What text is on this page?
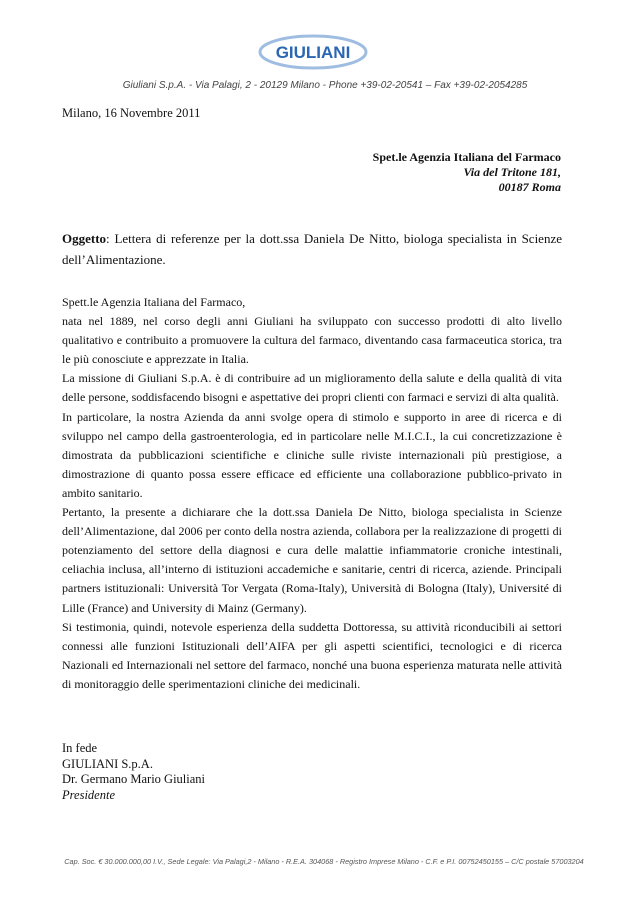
GIULIANI
Giuliani S.p.A. - Via Palagi, 2 - 20129 Milano - Phone +39-02-20541 – Fax +39-02-2054285
Milano, 16 Novembre 2011
Spet.le Agenzia Italiana del Farmaco
Via del Tritone 181,
00187 Roma
Oggetto: Lettera di referenze per la dott.ssa Daniela De Nitto, biologa specialista in Scienze dell’Alimentazione.

Spett.le Agenzia Italiana del Farmaco,

nata nel 1889, nel corso degli anni Giuliani ha sviluppato con successo prodotti di alto livello qualitativo e contribuito a promuovere la cultura del farmaco, diventando casa farmaceutica storica, tra le più conosciute e apprezzate in Italia.

La missione di Giuliani S.p.A. è di contribuire ad un miglioramento della salute e della qualità di vita delle persone, soddisfacendo bisogni e aspettative dei propri clienti con farmaci e servizi di alta qualità.

In particolare, la nostra Azienda da anni svolge opera di stimolo e supporto in aree di ricerca e di sviluppo nel campo della gastroenterologia, ed in particolare nelle M.I.C.I., la cui concretizzazione è dimostrata da pubblicazioni scientifiche e cliniche sulle riviste internazionali più prestigiose, a dimostrazione di quanto possa essere efficace ed efficiente una collaborazione pubblico-privato in ambito sanitario.

Pertanto, la presente a dichiarare che la dott.ssa Daniela De Nitto, biologa specialista in Scienze dell’Alimentazione, dal 2006 per conto della nostra azienda, collabora per la realizzazione di progetti di potenziamento del settore della diagnosi e cura delle malattie infiammatorie croniche intestinali, celiachia inclusa, all’interno di istituzioni accademiche e sanitarie, centri di ricerca, aziende. Principali partners istituzionali: Università Tor Vergata (Roma-Italy), Università di Bologna (Italy), Université di Lille (France) and University di Mainz (Germany).

Si testimonia, quindi, notevole esperienza della suddetta Dottoressa, su attività riconducibili ai settori connessi alle funzioni Istituzionali dell’AIFA per gli aspetti scientifici, tecnologici e di ricerca Nazionali ed Internazionali nel settore del farmaco, nonché una buona esperienza maturata nelle attività di monitoraggio delle sperimentazioni cliniche dei medicinali.

In fede
GIULIANI S.p.A.
Dr. Germano Mario Giuliani
Presidente
Cap. Soc. € 30.000.000,00 I.V., Sede Legale: Via Palagi,2 - Milano - R.E.A. 304068 - Registro Imprese Milano - C.F. e P.I. 00752450155 – C/C postale 57003204
